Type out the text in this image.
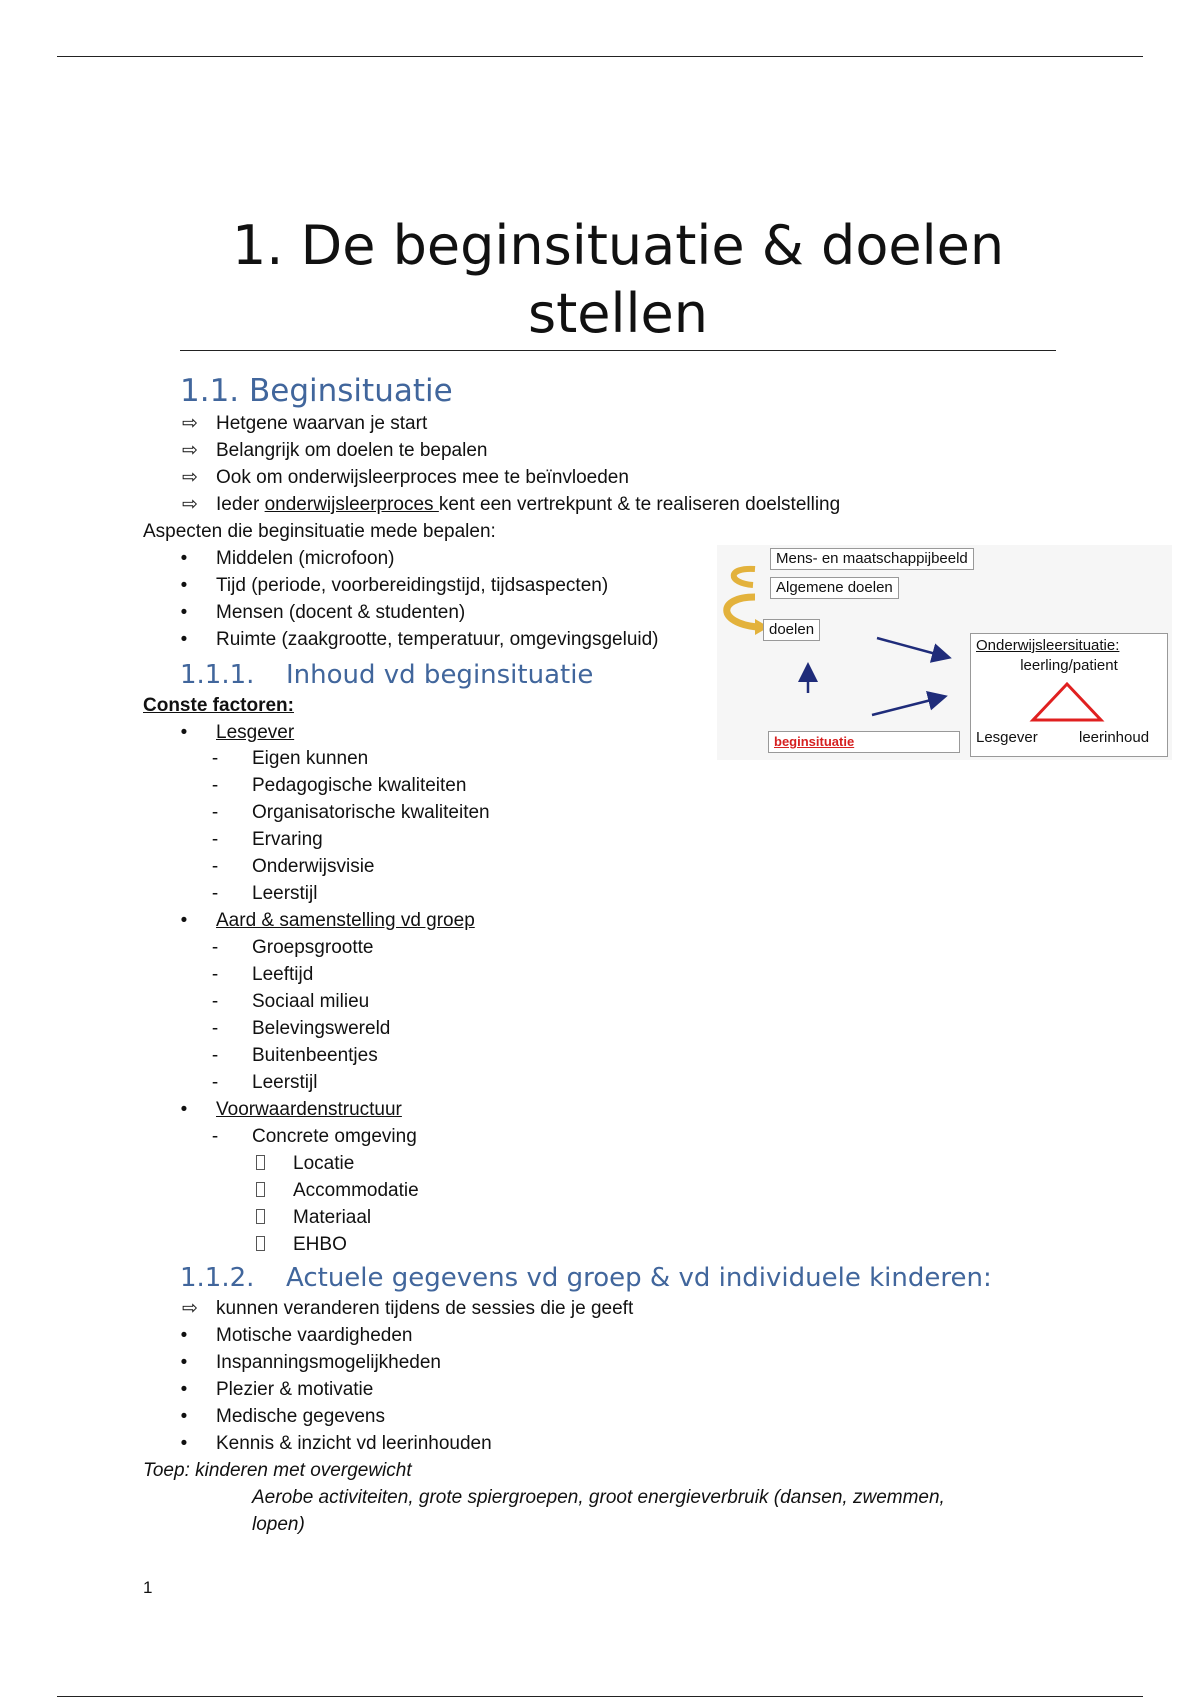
1. De beginsituatie & doelen stellen
1.1. Beginsituatie
⇨ Hetgene waarvan je start
⇨ Belangrijk om doelen te bepalen
⇨ Ook om onderwijsleerproces mee te beïnvloeden
⇨ Ieder onderwijsleerproces kent een vertrekpunt & te realiseren doelstelling
Aspecten die beginsituatie mede bepalen:
•	Middelen (microfoon)
•	Tijd (periode, voorbereidingstijd, tijdsaspecten)
•	Mensen (docent & studenten)
•	Ruimte (zaakgrootte, temperatuur, omgevingsgeluid)
Mens- en maatschappijbeeld
Algemene doelen
doelen
beginsituatie
Onderwijsleersituatie:
leerling/patient
Lesgever	leerinhoud
1.1.1. Inhoud vd beginsituatie
Conste factoren:
•	Lesgever
-	Eigen kunnen
-	Pedagogische kwaliteiten
-	Organisatorische kwaliteiten
-	Ervaring
-	Onderwijsvisie
-	Leerstijl
•	Aard & samenstelling vd groep
-	Groepsgrootte
-	Leeftijd
-	Sociaal milieu
-	Belevingswereld
-	Buitenbeentjes
-	Leerstijl
•	Voorwaardenstructuur
-	Concrete omgeving
Locatie
Accommodatie
Materiaal
EHBO
1.1.2. Actuele gegevens vd groep & vd individuele kinderen:
⇨ kunnen veranderen tijdens de sessies die je geeft
•	Motische vaardigheden
•	Inspanningsmogelijkheden
•	Plezier & motivatie
•	Medische gegevens
•	Kennis & inzicht vd leerinhouden
Toep: kinderen met overgewicht
Aerobe activiteiten, grote spiergroepen, groot energieverbruik (dansen, zwemmen,
lopen)
1
